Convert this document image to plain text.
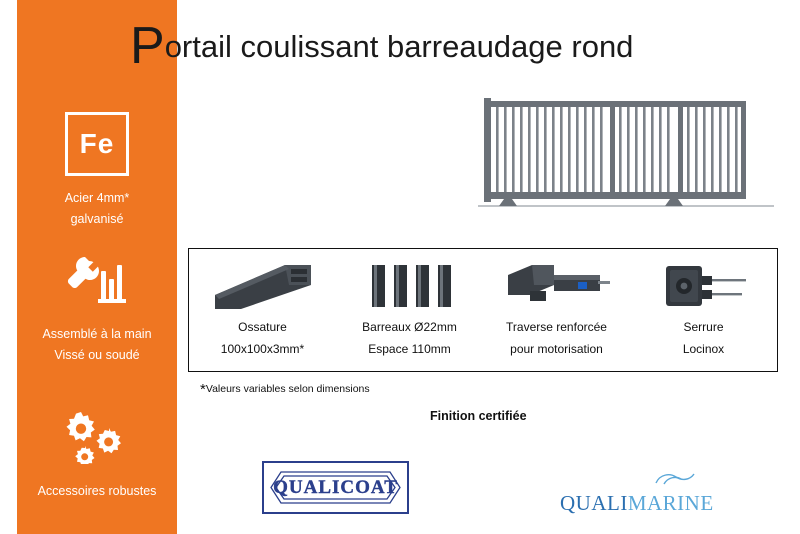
Fe
Acier 4mm*
galvanisé
Assemblé à la main
Vissé ou soudé
Accessoires robustes
Portail coulissant barreaudage rond
Ossature
100x100x3mm*
Barreaux Ø22mm
Espace 110mm
Traverse renforcée
pour motorisation
Serrure
Locinox
*Valeurs variables selon dimensions
Finition certifiée
QUALICOAT
QUALIMARINE
